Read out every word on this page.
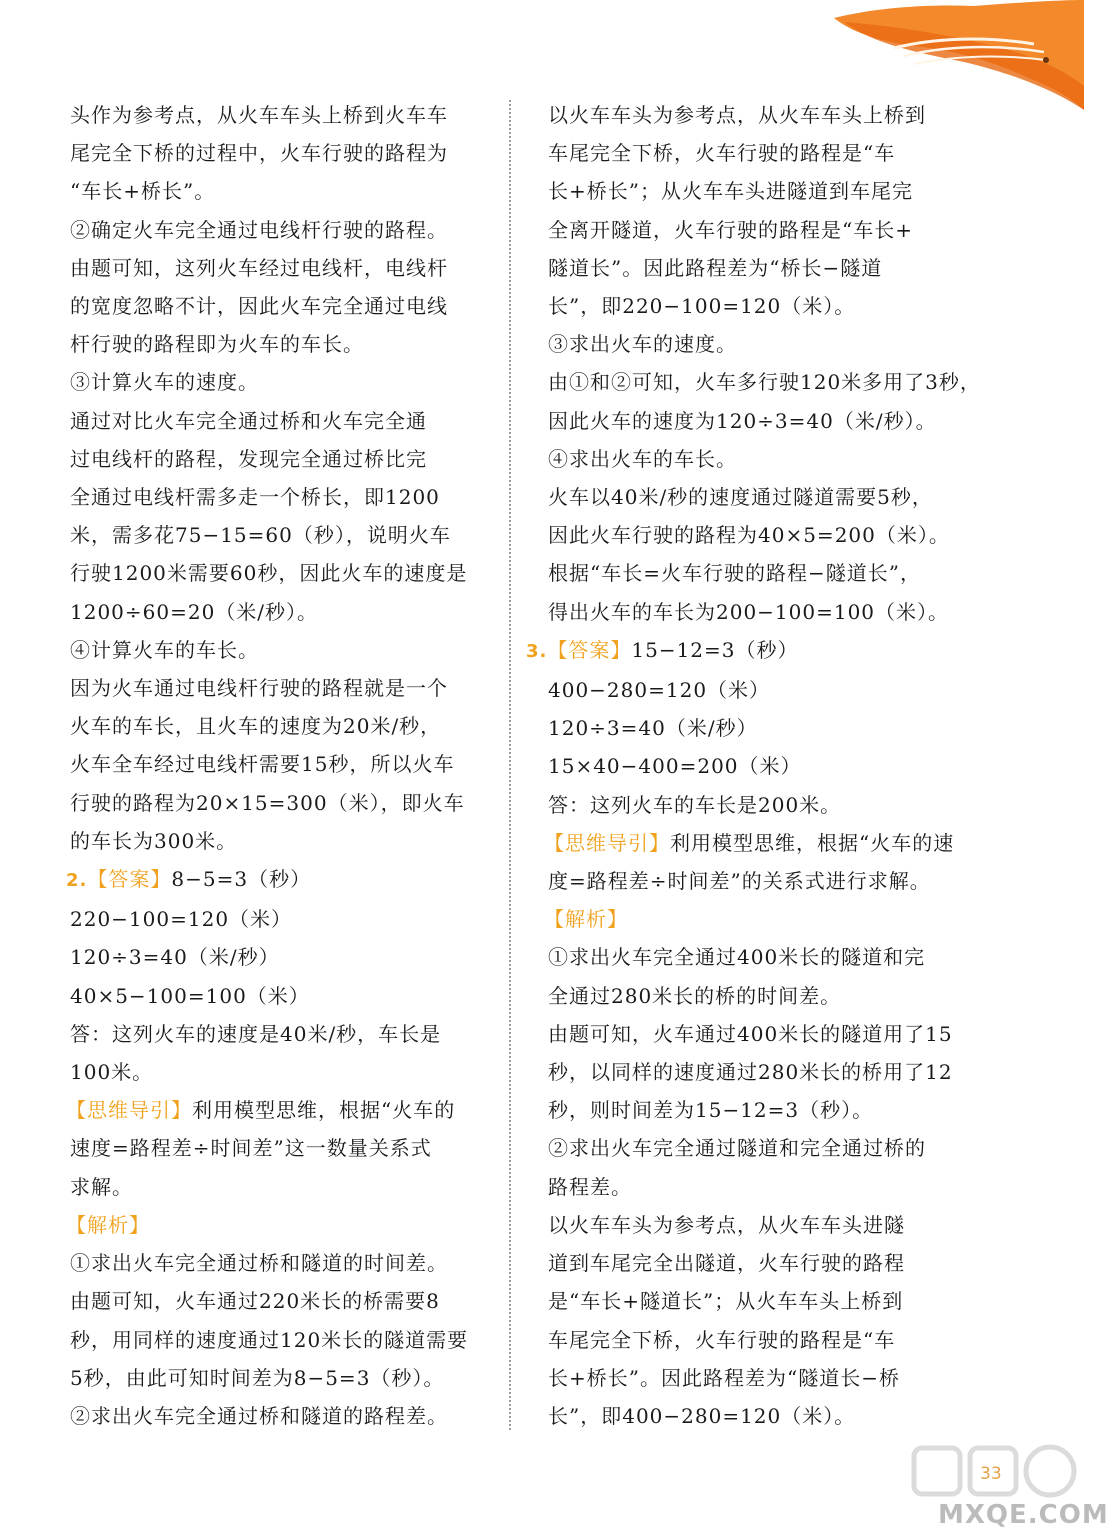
头作为参考点，从火车车头上桥到火车车
尾完全下桥的过程中，火车行驶的路程为
“车长+桥长”。
②确定火车完全通过电线杆行驶的路程。
由题可知，这列火车经过电线杆，电线杆
的宽度忽略不计，因此火车完全通过电线
杆行驶的路程即为火车的车长。
③计算火车的速度。
通过对比火车完全通过桥和火车完全通
过电线杆的路程，发现完全通过桥比完
全通过电线杆需多走一个桥长，即1200
米，需多花75−15=60（秒），说明火车
行驶1200米需要60秒，因此火车的速度是
1200÷60=20（米/秒）。
④计算火车的车长。
因为火车通过电线杆行驶的路程就是一个
火车的车长，且火车的速度为20米/秒，
火车全车经过电线杆需要15秒，所以火车
行驶的路程为20×15=300（米），即火车
的车长为300米。
2.【答案】8−5=3（秒）
220−100=120（米）
120÷3=40（米/秒）
40×5−100=100（米）
答：这列火车的速度是40米/秒，车长是
100米。
【思维导引】利用模型思维，根据“火车的
速度=路程差÷时间差”这一数量关系式
求解。
【解析】
①求出火车完全通过桥和隧道的时间差。
由题可知，火车通过220米长的桥需要8
秒，用同样的速度通过120米长的隧道需要
5秒，由此可知时间差为8−5=3（秒）。
②求出火车完全通过桥和隧道的路程差。
以火车车头为参考点，从火车车头上桥到
车尾完全下桥，火车行驶的路程是“车
长+桥长”；从火车车头进隧道到车尾完
全离开隧道，火车行驶的路程是“车长+
隧道长”。因此路程差为“桥长−隧道
长”，即220−100=120（米）。
③求出火车的速度。
由①和②可知，火车多行驶120米多用了3秒，
因此火车的速度为120÷3=40（米/秒）。
④求出火车的车长。
火车以40米/秒的速度通过隧道需要5秒，
因此火车行驶的路程为40×5=200（米）。
根据“车长=火车行驶的路程−隧道长”，
得出火车的车长为200−100=100（米）。
3.【答案】15−12=3（秒）
400−280=120（米）
120÷3=40（米/秒）
15×40−400=200（米）
答：这列火车的车长是200米。
【思维导引】利用模型思维，根据“火车的速
度=路程差÷时间差”的关系式进行求解。
【解析】
①求出火车完全通过400米长的隧道和完
全通过280米长的桥的时间差。
由题可知，火车通过400米长的隧道用了15
秒，以同样的速度通过280米长的桥用了12
秒，则时间差为15−12=3（秒）。
②求出火车完全通过隧道和完全通过桥的
路程差。
以火车车头为参考点，从火车车头进隧
道到车尾完全出隧道，火车行驶的路程
是“车长+隧道长”；从火车车头上桥到
车尾完全下桥，火车行驶的路程是“车
长+桥长”。因此路程差为“隧道长−桥
长”，即400−280=120（米）。
33
MXQE.COM
